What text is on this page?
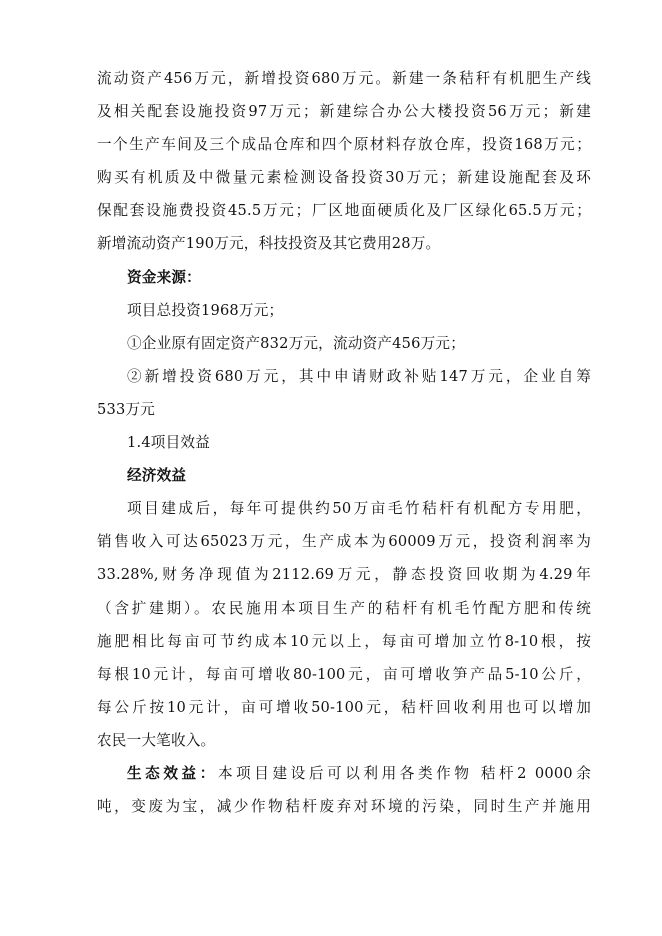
流动资产456万元，新增投资680万元。新建一条秸秆有机肥生产线
及相关配套设施投资97万元；新建综合办公大楼投资56万元；新建
一个生产车间及三个成品仓库和四个原材料存放仓库，投资168万元；
购买有机质及中微量元素检测设备投资30万元；新建设施配套及环
保配套设施费投资45.5万元；厂区地面硬质化及厂区绿化65.5万元；
新增流动资产190万元，科技投资及其它费用28万。
资金来源：
项目总投资1968万元；
①企业原有固定资产832万元，流动资产456万元；
②新增投资680万元，其中申请财政补贴147万元，企业自筹
533万元
1.4项目效益
经济效益
项目建成后，每年可提供约50万亩毛竹秸杆有机配方专用肥，
销售收入可达65023万元，生产成本为60009万元，投资利润率为
33.28%,财务净现值为2112.69万元，静态投资回收期为4.29年
（含扩建期）。农民施用本项目生产的秸杆有机毛竹配方肥和传统
施肥相比每亩可节约成本10元以上，每亩可增加立竹8-10根，按
每根10元计，每亩可增收80-100元，亩可增收笋产品5-10公斤，
每公斤按10元计，亩可增收50-100元，秸杆回收利用也可以增加
农民一大笔收入。
生态效益：本项目建设后可以利用各类作物 秸杆2 0000余
吨，变废为宝，减少作物秸杆废弃对环境的污染，同时生产并施用
